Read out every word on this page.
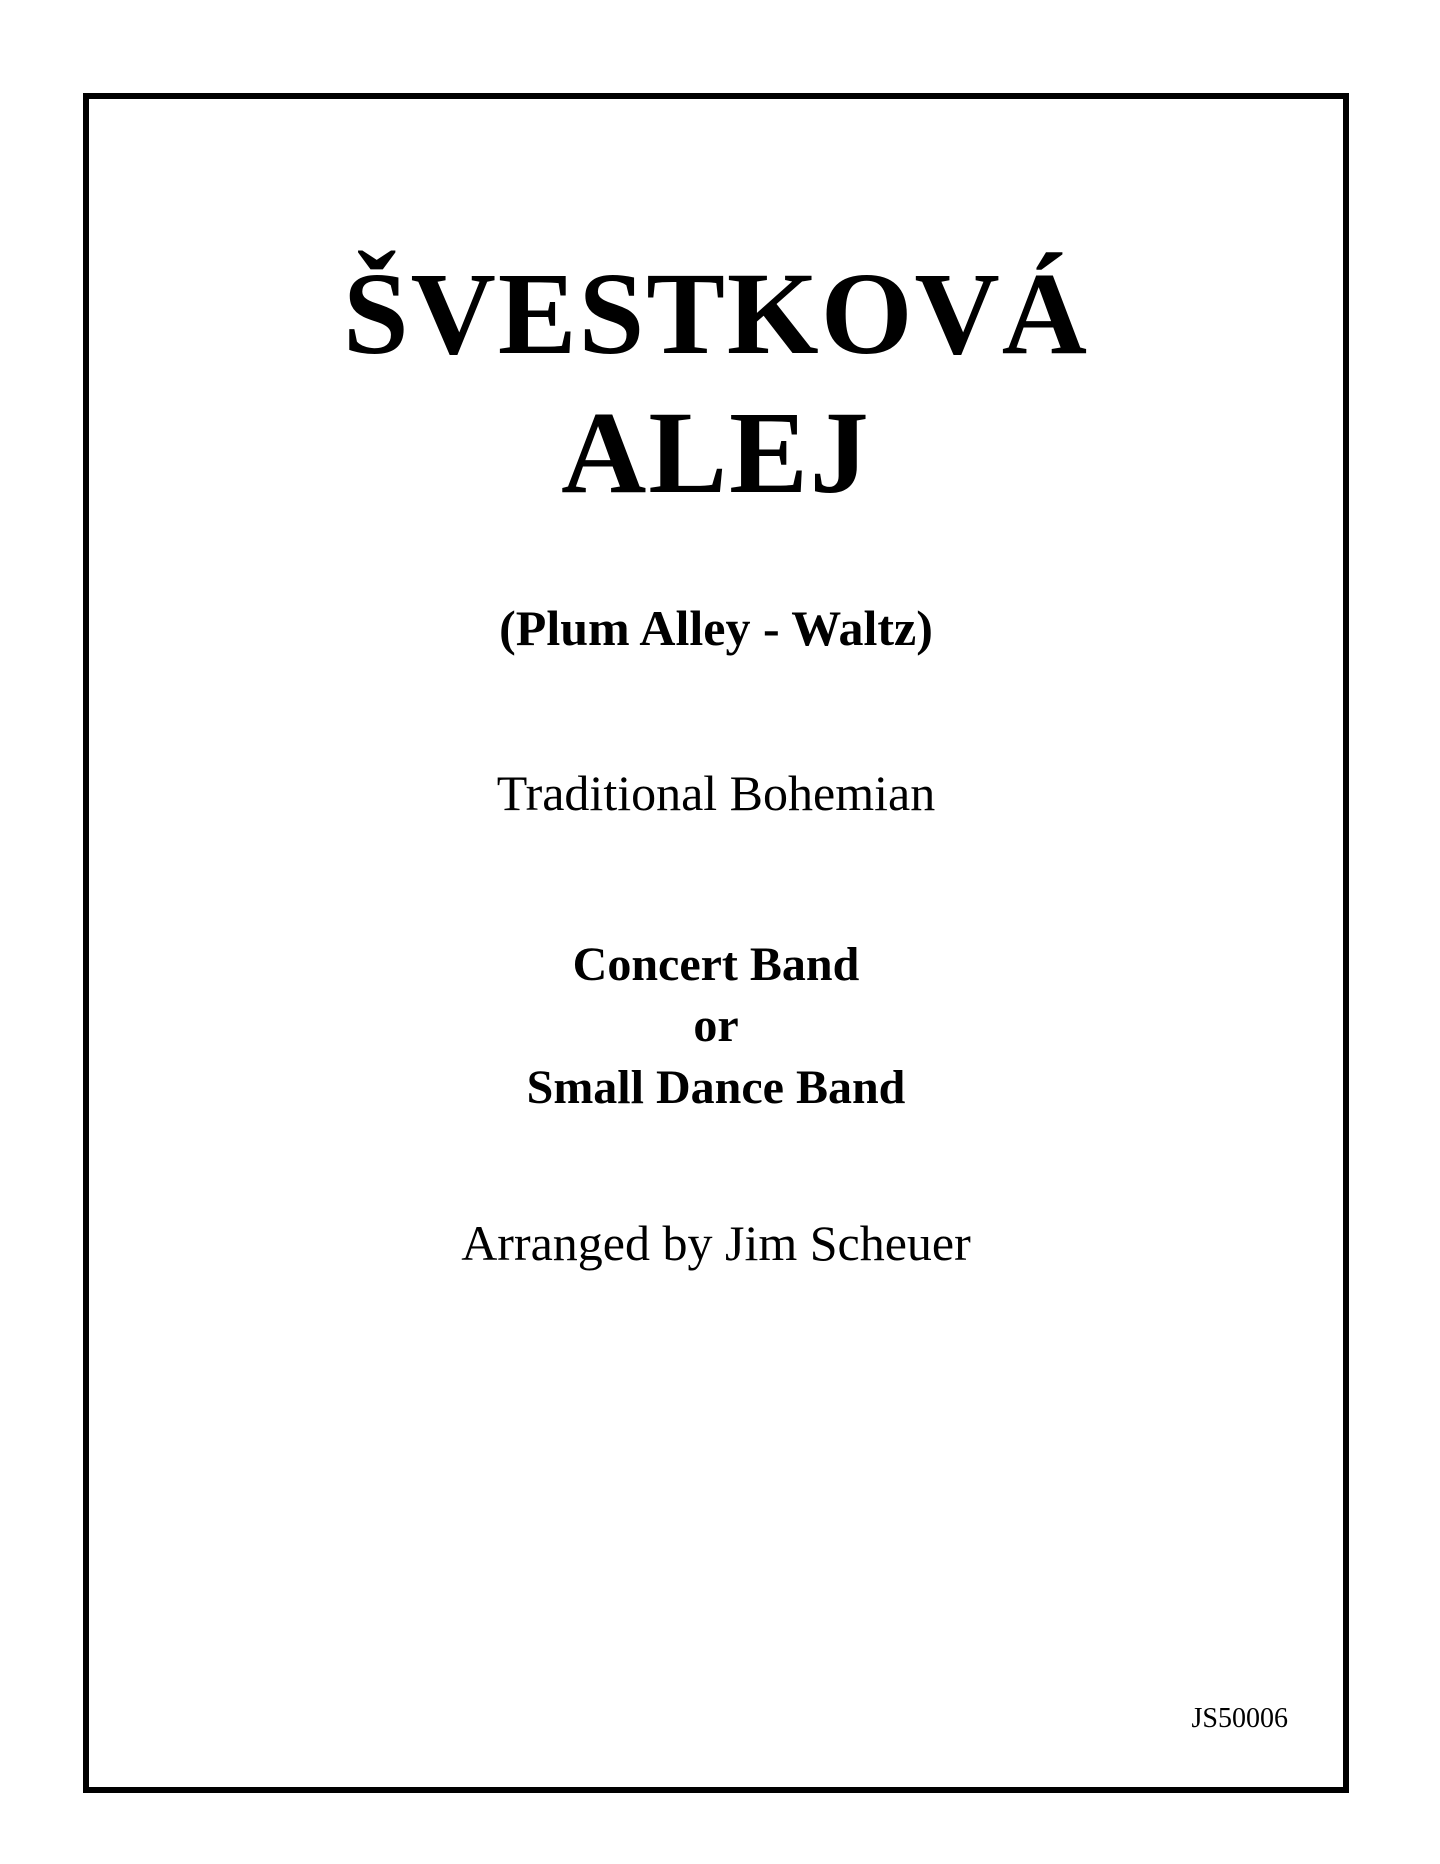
ŠVESTKOVÁ
ALEJ
(Plum Alley - Waltz)
Traditional Bohemian
Concert Band
or
Small Dance Band
Arranged by Jim Scheuer
JS50006
